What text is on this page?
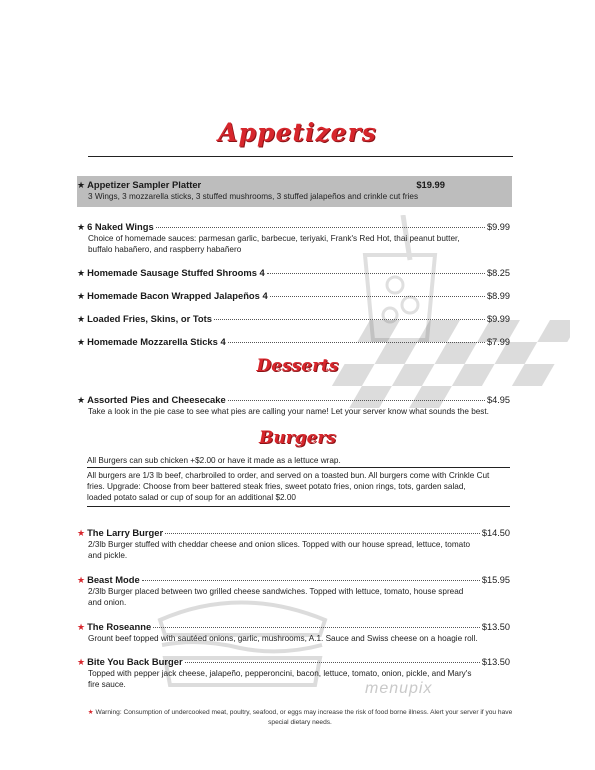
menupix
Appetizers
★ Appetizer Sampler Platter	$19.99
3 Wings, 3 mozzarella sticks, 3 stuffed mushrooms, 3 stuffed jalapeños and crinkle cut fries
★ 6 Naked Wings	$9.99
Choice of homemade sauces: parmesan garlic, barbecue, teriyaki, Frank's Red Hot, thai peanut butter,
buffalo habañero, and raspberry habañero
★ Homemade Sausage Stuffed Shrooms 4	$8.25
★ Homemade Bacon Wrapped Jalapeños 4	$8.99
★ Loaded Fries, Skins, or Tots	$9.99
★ Homemade Mozzarella Sticks 4	$7.99
Desserts
★ Assorted Pies and Cheesecake	$4.95
Take a look in the pie case to see what pies are calling your name! Let your server know what sounds the best.
Burgers
All Burgers can sub chicken +$2.00 or have it made as a lettuce wrap.
All burgers are 1/3 lb beef, charbroiled to order, and served on a toasted bun. All burgers come with Crinkle Cut
fries. Upgrade: Choose from beer battered steak fries, sweet potato fries, onion rings, tots, garden salad,
loaded potato salad or cup of soup for an additional $2.00
★ The Larry Burger	$14.50
2/3lb Burger stuffed with cheddar cheese and onion slices. Topped with our house spread, lettuce, tomato
and pickle.
★ Beast Mode	$15.95
2/3lb Burger placed between two grilled cheese sandwiches. Topped with lettuce, tomato, house spread
and onion.
★ The Roseanne	$13.50
Grount beef topped with sautéed onions, garlic, mushrooms, A.1. Sauce and Swiss cheese on a hoagie roll.
★ Bite You Back Burger	$13.50
Topped with pepper jack cheese, jalapeño, pepperoncini, bacon, lettuce, tomato, onion, pickle, and Mary's
fire sauce.
★ Warning: Consumption of undercooked meat, poultry, seafood, or eggs may increase the risk of food borne illness. Alert your server if you have
special dietary needs.
